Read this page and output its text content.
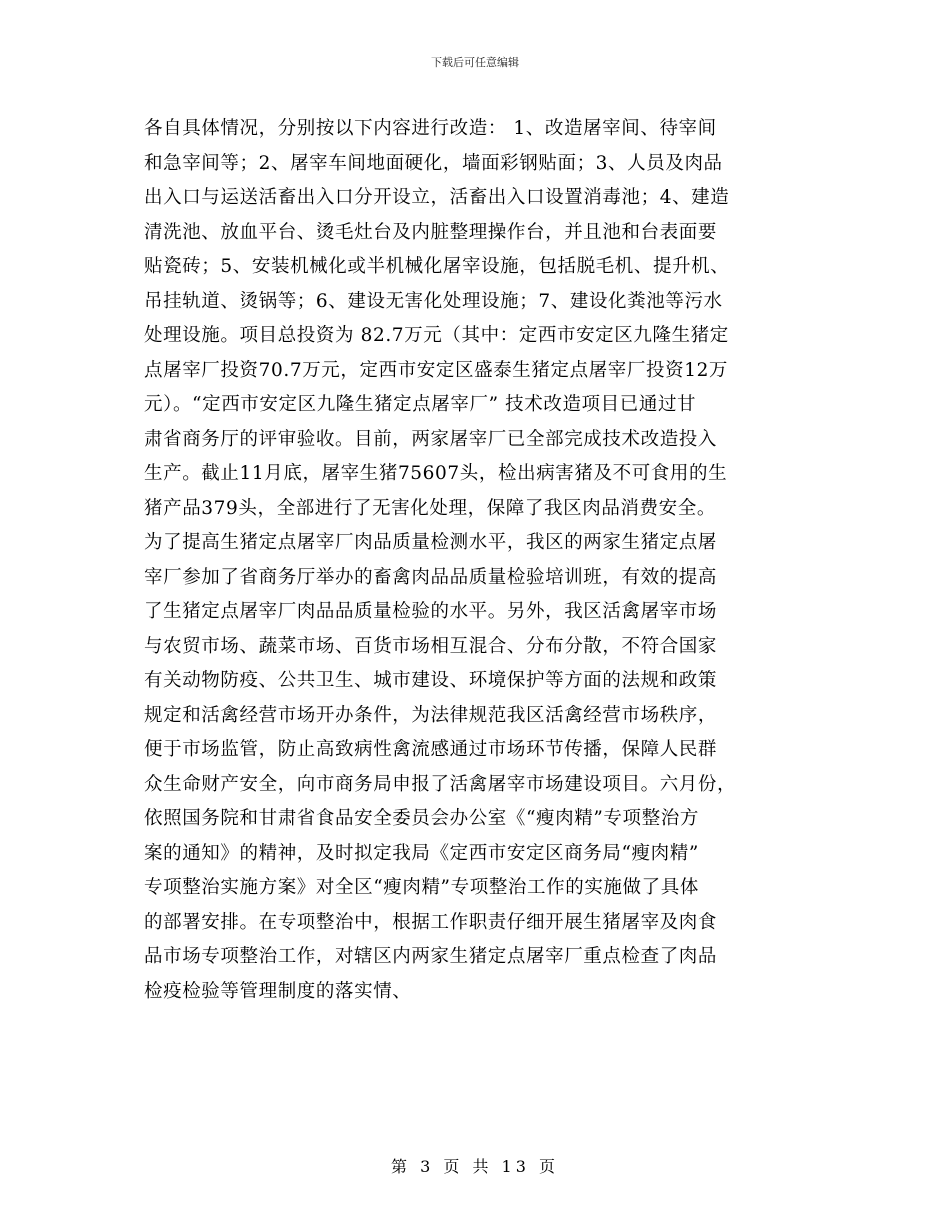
下载后可任意编辑
各自具体情况，分别按以下内容进行改造： 1、改造屠宰间、待宰间
和急宰间等；2、屠宰车间地面硬化，墙面彩钢贴面；3、人员及肉品
出入口与运送活畜出入口分开设立，活畜出入口设置消毒池；4、建造
清洗池、放血平台、烫毛灶台及内脏整理操作台，并且池和台表面要
贴瓷砖；5、安装机械化或半机械化屠宰设施，包括脱毛机、提升机、
吊挂轨道、烫锅等；6、建设无害化处理设施；7、建设化粪池等污水
处理设施。项目总投资为 82.7万元（其中：定西市安定区九隆生猪定
点屠宰厂投资70.7万元，定西市安定区盛泰生猪定点屠宰厂投资12万
元）。“定西市安定区九隆生猪定点屠宰厂” 技术改造项目已通过甘
肃省商务厅的评审验收。目前，两家屠宰厂已全部完成技术改造投入
生产。截止11月底，屠宰生猪75607头，检出病害猪及不可食用的生
猪产品379头，全部进行了无害化处理，保障了我区肉品消费安全。
为了提高生猪定点屠宰厂肉品质量检测水平，我区的两家生猪定点屠
宰厂参加了省商务厅举办的畜禽肉品品质量检验培训班，有效的提高
了生猪定点屠宰厂肉品品质量检验的水平。另外，我区活禽屠宰市场
与农贸市场、蔬菜市场、百货市场相互混合、分布分散，不符合国家
有关动物防疫、公共卫生、城市建设、环境保护等方面的法规和政策
规定和活禽经营市场开办条件，为法律规范我区活禽经营市场秩序，
便于市场监管，防止高致病性禽流感通过市场环节传播，保障人民群
众生命财产安全，向市商务局申报了活禽屠宰市场建设项目。六月份，
依照国务院和甘肃省食品安全委员会办公室《“瘦肉精”专项整治方
案的通知》的精神，及时拟定我局《定西市安定区商务局“瘦肉精”
专项整治实施方案》对全区“瘦肉精”专项整治工作的实施做了具体
的部署安排。在专项整治中，根据工作职责仔细开展生猪屠宰及肉食
品市场专项整治工作，对辖区内两家生猪定点屠宰厂重点检查了肉品
检疫检验等管理制度的落实情、
第 3 页 共 13 页
